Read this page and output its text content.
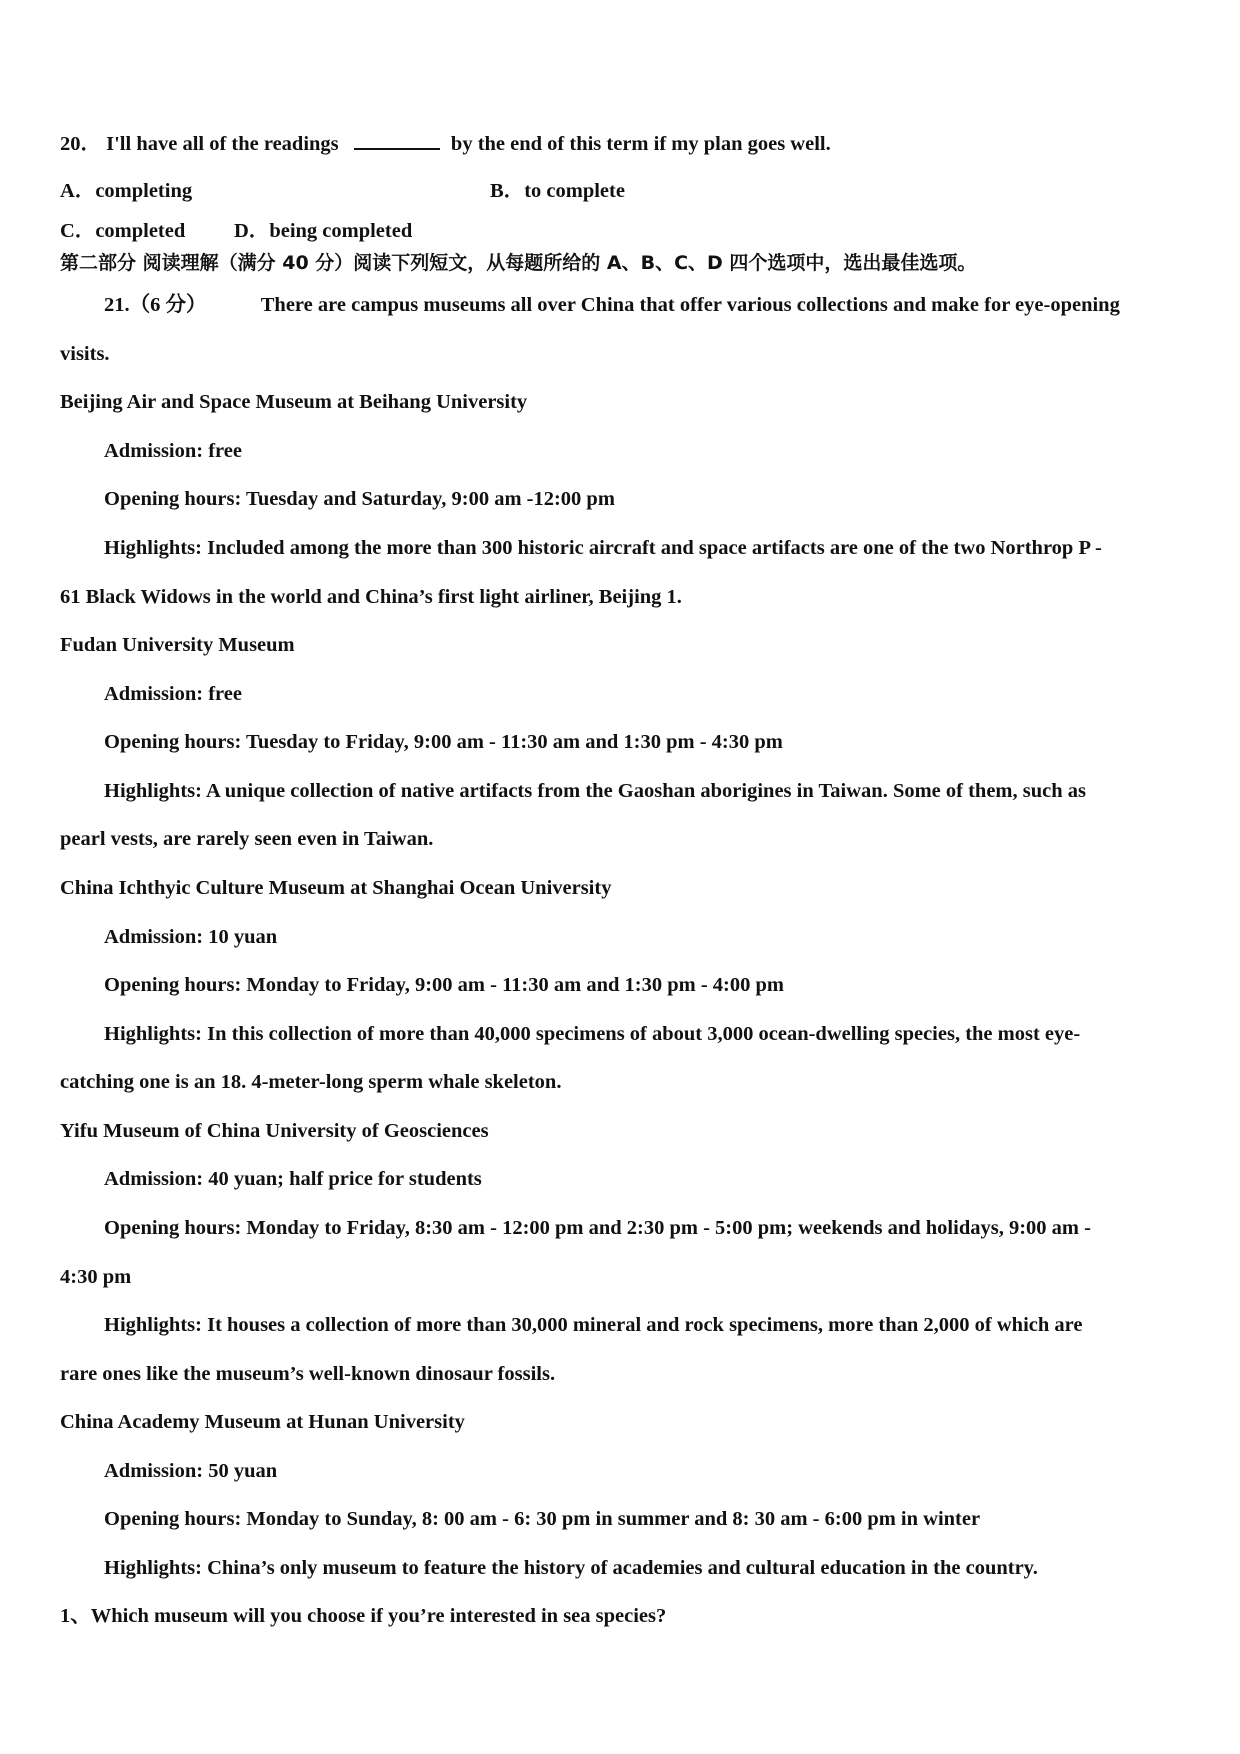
20． I'll have all of the readings	by the end of this term if my plan goes well.
A．completing	B．to complete
C．completed D．being completed
第二部分 阅读理解（满分 40 分）阅读下列短文，从每题所给的 A、B、C、D 四个选项中，选出最佳选项。
21.（6 分）	There are campus museums all over China that offer various collections and make for eye-opening
visits.
Beijing Air and Space Museum at Beihang University
Admission: free
Opening hours: Tuesday and Saturday, 9:00 am -12:00 pm
Highlights: Included among the more than 300 historic aircraft and space artifacts are one of the two Northrop P -
61 Black Widows in the world and China’s first light airliner, Beijing 1.
Fudan University Museum
Admission: free
Opening hours: Tuesday to Friday, 9:00 am - 11:30 am and 1:30 pm - 4:30 pm
Highlights: A unique collection of native artifacts from the Gaoshan aborigines in Taiwan. Some of them, such as
pearl vests, are rarely seen even in Taiwan.
China Ichthyic Culture Museum at Shanghai Ocean University
Admission: 10 yuan
Opening hours: Monday to Friday, 9:00 am - 11:30 am and 1:30 pm - 4:00 pm
Highlights: In this collection of more than 40,000 specimens of about 3,000 ocean-dwelling species, the most eye-
catching one is an 18. 4-meter-long sperm whale skeleton.
Yifu Museum of China University of Geosciences
Admission: 40 yuan; half price for students
Opening hours: Monday to Friday, 8:30 am - 12:00 pm and 2:30 pm - 5:00 pm; weekends and holidays, 9:00 am -
4:30 pm
Highlights: It houses a collection of more than 30,000 mineral and rock specimens, more than 2,000 of which are
rare ones like the museum’s well-known dinosaur fossils.
China Academy Museum at Hunan University
Admission: 50 yuan
Opening hours: Monday to Sunday, 8: 00 am - 6: 30 pm in summer and 8: 30 am - 6:00 pm in winter
Highlights: China’s only museum to feature the history of academies and cultural education in the country.
1、Which museum will you choose if you’re interested in sea species?
